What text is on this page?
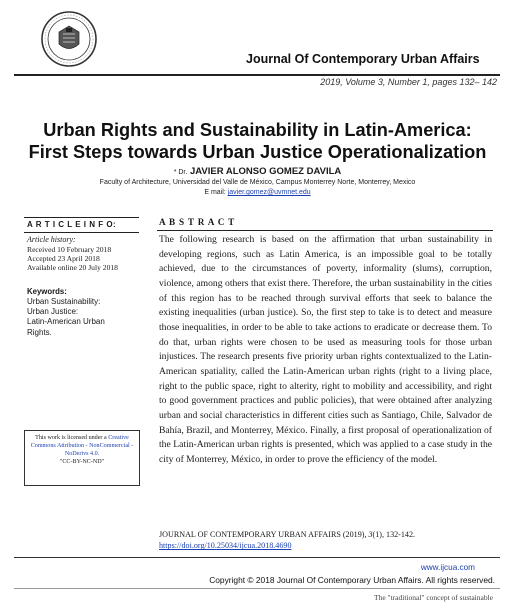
Journal Of Contemporary Urban Affairs
2019, Volume 3, Number 1, pages 132– 142
Urban Rights and Sustainability in Latin-America:
First Steps towards Urban Justice Operationalization
* Dr. JAVIER ALONSO GOMEZ DAVILA
Faculty of Architecture, Universidad del Valle de México, Campus Monterrey Norte, Monterrey, Mexico
E mail: javier.gomez@uvmnet.edu
A R T I C L E I N F O:
Article history:
Received 10 February 2018
Accepted 23 April 2018
Available online 20 July 2018
Keywords:
Urban Sustainability:
Urban Justice:
Latin-American Urban
Rights.
This work is licensed under a Creative Commons Attribution - NonCommercial - NoDerivs 4.0.
"CC-BY-NC-ND"
A B S T R A C T
The following research is based on the affirmation that urban sustainability in developing regions, such as Latin America, is an impossible goal to be totally achieved, due to the circumstances of poverty, informality (slums), corruption, violence, among others that exist there. Therefore, the urban sustainability in the cities of this region has to be reached through survival efforts that seek to balance the existing inequalities (urban justice). So, the first step to take is to detect and measure those inequalities, in order to be able to take actions to eradicate or decrease them. To do that, urban rights were chosen to be used as measuring tools for those urban injustices. The research presents five priority urban rights contextualized to the Latin-American spatiality, called the Latin-American urban rights (right to a living place, right to the public space, right to alterity, right to mobility and accessibility, and right to good government practices and public policies), that were obtained after analyzing urban and social characteristics in different cities such as Santiago, Chile, Salvador de Bahía, Brazil, and Monterrey, México. Finally, a first proposal of operationalization of the Latin-American urban rights is presented, which was applied to a case study in the city of Monterrey, México, in order to prove the efficiency of the model.
JOURNAL OF CONTEMPORARY URBAN AFFAIRS (2019), 3(1), 132-142.
https://doi.org/10.25034/ijcua.2018.4690
www.ijcua.com
Copyright © 2018 Journal Of Contemporary Urban Affairs. All rights reserved.
The "traditional" concept of sustainable
